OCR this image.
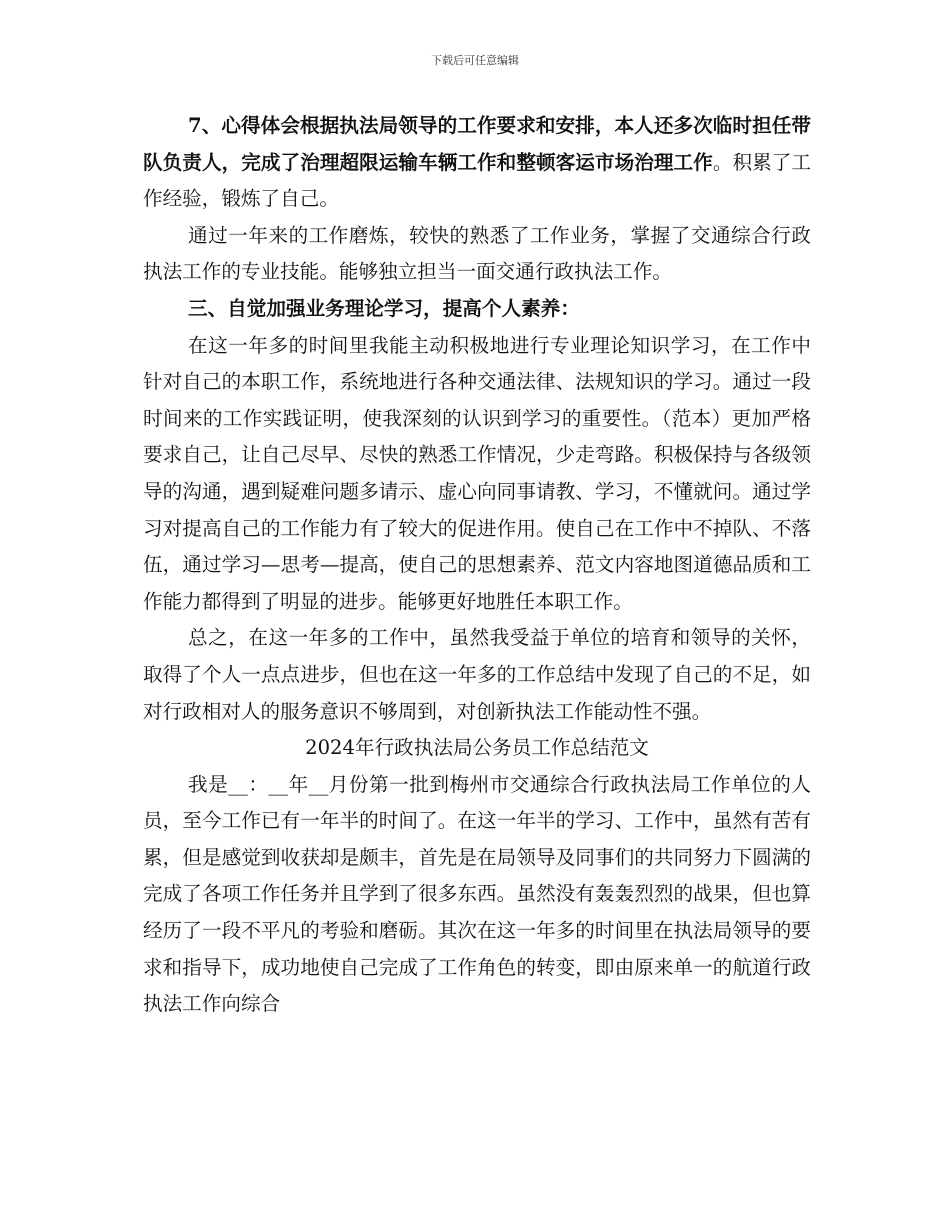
下载后可任意编辑

7、心得体会根据执法局领导的工作要求和安排，本人还多次临时担任带队负责人，完成了治理超限运输车辆工作和整顿客运市场治理工作。积累了工作经验，锻炼了自己。

通过一年来的工作磨炼，较快的熟悉了工作业务，掌握了交通综合行政执法工作的专业技能。能够独立担当一面交通行政执法工作。

三、自觉加强业务理论学习，提高个人素养：

在这一年多的时间里我能主动积极地进行专业理论知识学习，在工作中针对自己的本职工作，系统地进行各种交通法律、法规知识的学习。通过一段时间来的工作实践证明，使我深刻的认识到学习的重要性。（范本）更加严格要求自己，让自己尽早、尽快的熟悉工作情况，少走弯路。积极保持与各级领导的沟通，遇到疑难问题多请示、虚心向同事请教、学习，不懂就问。通过学习对提高自己的工作能力有了较大的促进作用。使自己在工作中不掉队、不落伍，通过学习—思考—提高，使自己的思想素养、范文内容地图道德品质和工作能力都得到了明显的进步。能够更好地胜任本职工作。

总之，在这一年多的工作中，虽然我受益于单位的培育和领导的关怀，取得了个人一点点进步，但也在这一年多的工作总结中发现了自己的不足，如对行政相对人的服务意识不够周到，对创新执法工作能动性不强。

2024年行政执法局公务员工作总结范文

我是__：__年__月份第一批到梅州市交通综合行政执法局工作单位的人员，至今工作已有一年半的时间了。在这一年半的学习、工作中，虽然有苦有累，但是感觉到收获却是颇丰，首先是在局领导及同事们的共同努力下圆满的完成了各项工作任务并且学到了很多东西。虽然没有轰轰烈烈的战果，但也算经历了一段不平凡的考验和磨砺。其次在这一年多的时间里在执法局领导的要求和指导下，成功地使自己完成了工作角色的转变，即由原来单一的航道行政执法工作向综合
